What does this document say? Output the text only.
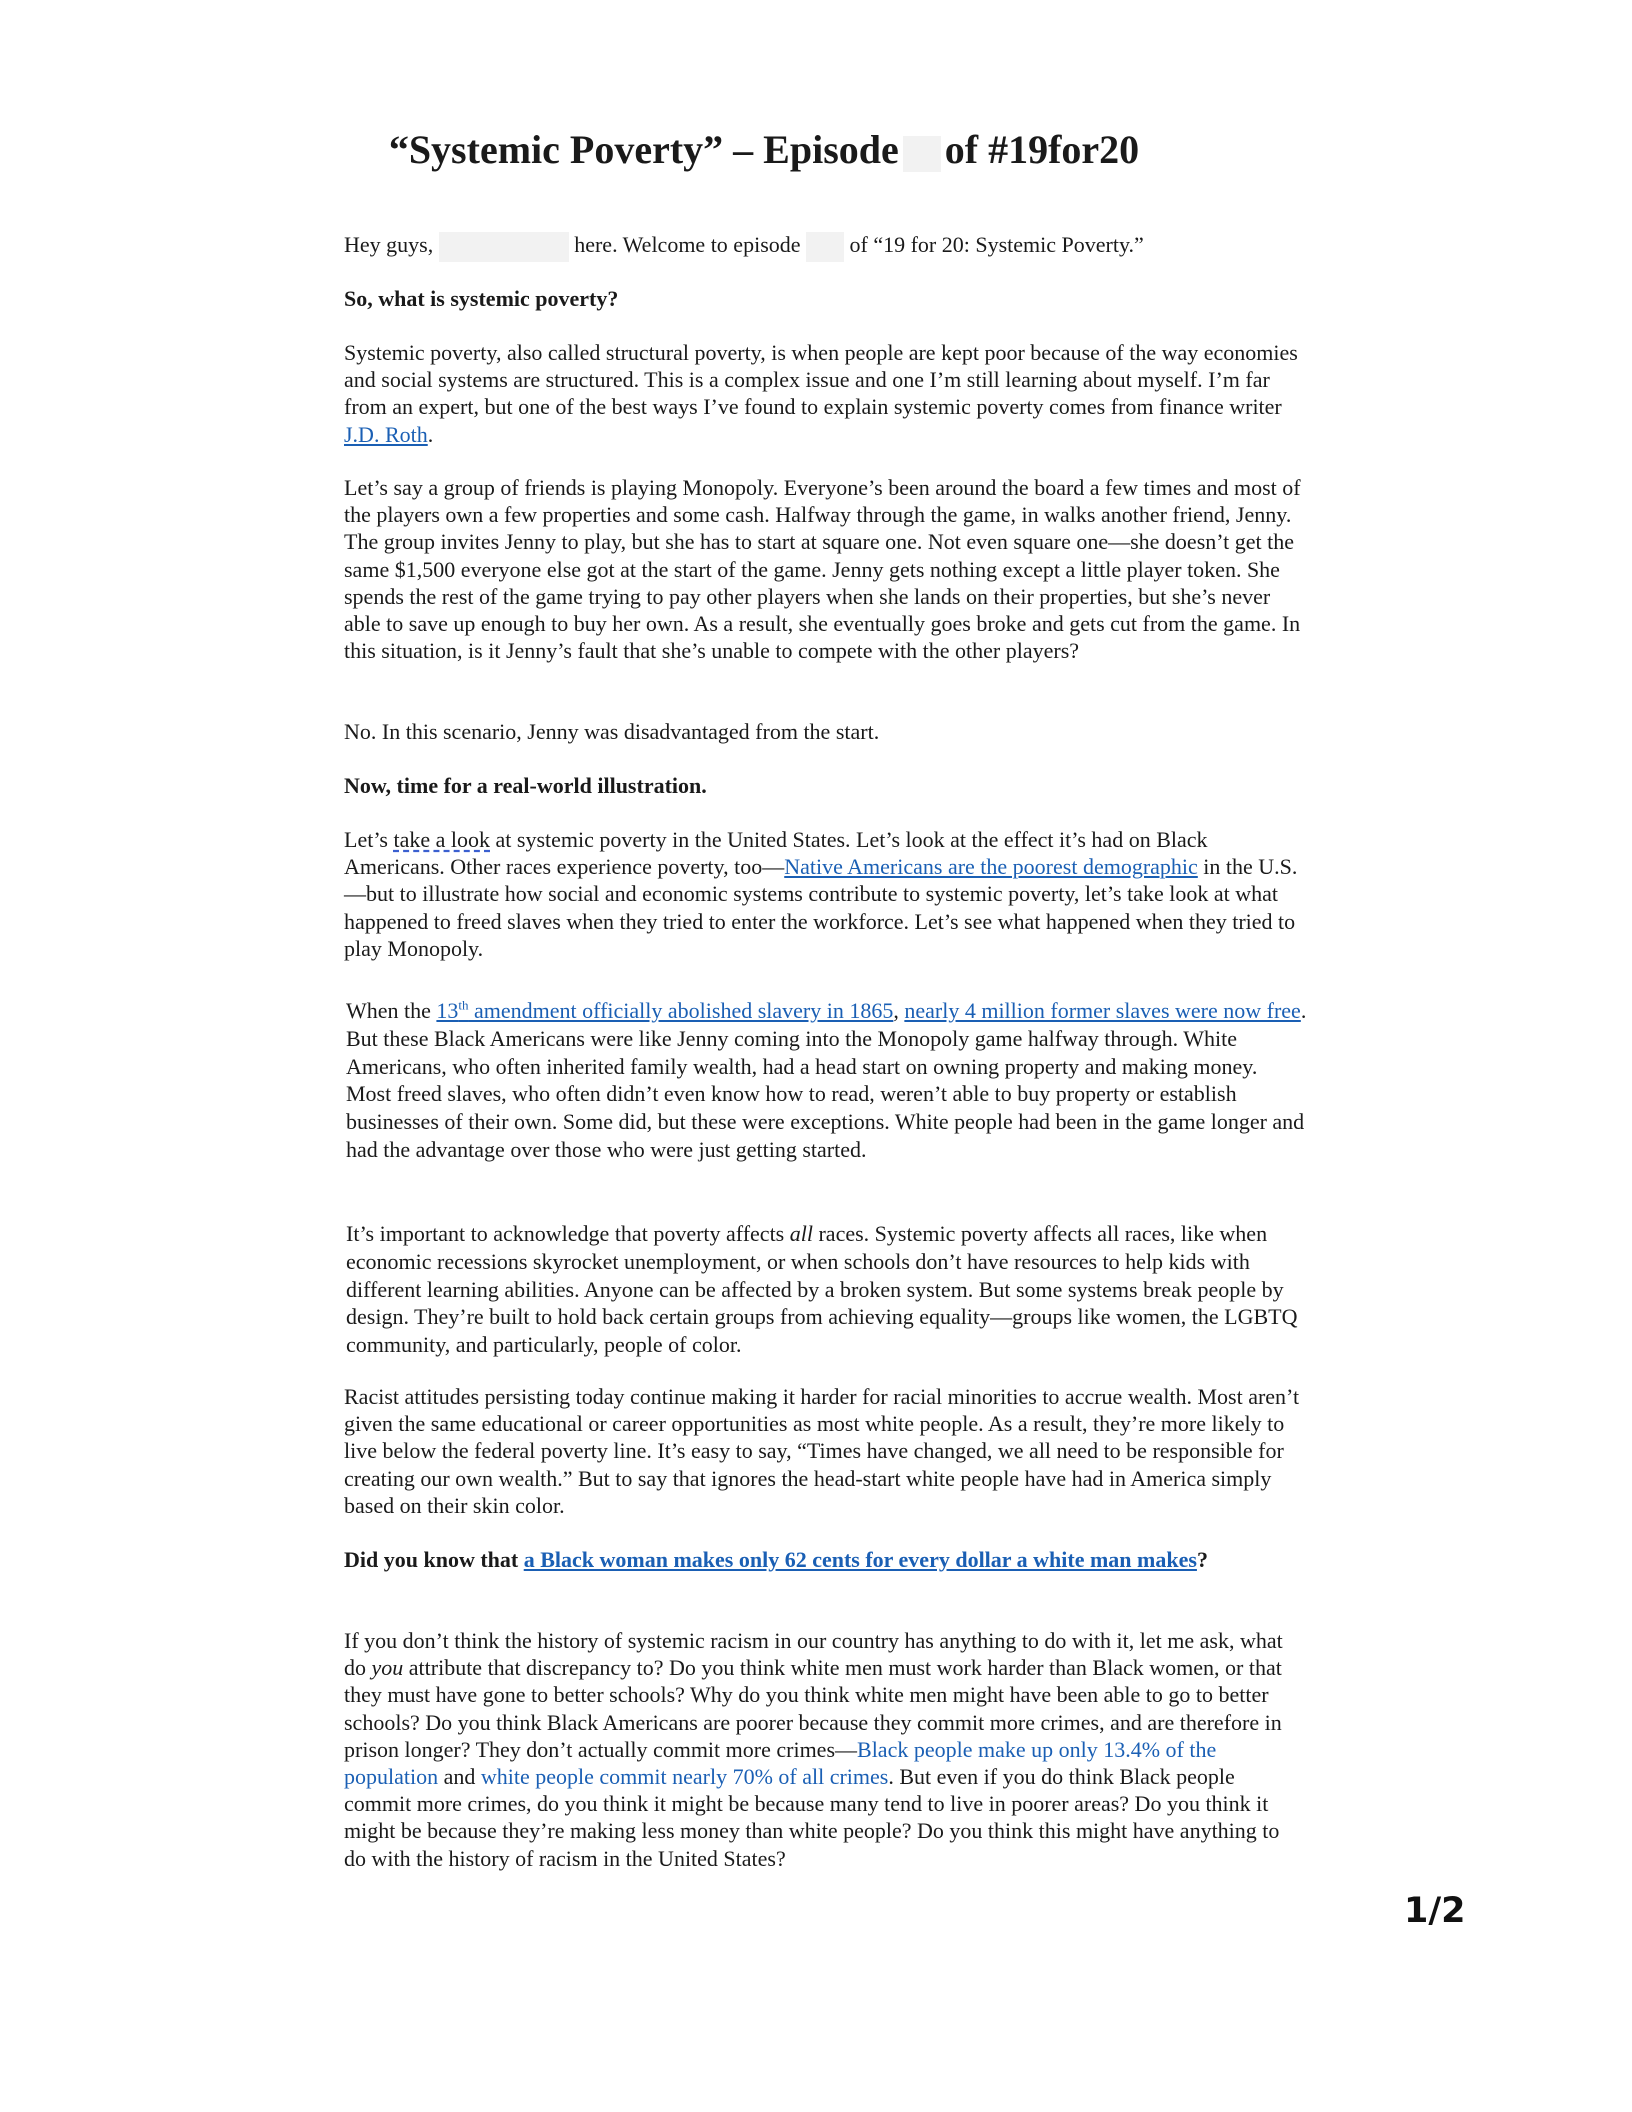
“Systemic Poverty” – Episode of #19for20

Hey guys,	here. Welcome to episode of “19 for 20: Systemic Poverty.”

So, what is systemic poverty?

Systemic poverty, also called structural poverty, is when people are kept poor because of the way economies and social systems are structured. This is a complex issue and one I’m still learning about myself. I’m far from an expert, but one of the best ways I’ve found to explain systemic poverty comes from finance writer J.D. Roth.

Let’s say a group of friends is playing Monopoly. Everyone’s been around the board a few times and most of the players own a few properties and some cash. Halfway through the game, in walks another friend, Jenny. The group invites Jenny to play, but she has to start at square one. Not even square one—she doesn’t get the same $1,500 everyone else got at the start of the game. Jenny gets nothing except a little player token. She spends the rest of the game trying to pay other players when she lands on their properties, but she’s never able to save up enough to buy her own. As a result, she eventually goes broke and gets cut from the game. In this situation, is it Jenny’s fault that she’s unable to compete with the other players?

No. In this scenario, Jenny was disadvantaged from the start.

Now, time for a real-world illustration.

Let’s take a look at systemic poverty in the United States. Let’s look at the effect it’s had on Black Americans. Other races experience poverty, too—Native Americans are the poorest demographic in the U.S.—but to illustrate how social and economic systems contribute to systemic poverty, let’s take look at what happened to freed slaves when they tried to enter the workforce. Let’s see what happened when they tried to play Monopoly.

When the 13th amendment officially abolished slavery in 1865, nearly 4 million former slaves were now free. But these Black Americans were like Jenny coming into the Monopoly game halfway through. White Americans, who often inherited family wealth, had a head start on owning property and making money. Most freed slaves, who often didn’t even know how to read, weren’t able to buy property or establish businesses of their own. Some did, but these were exceptions. White people had been in the game longer and had the advantage over those who were just getting started.

It’s important to acknowledge that poverty affects all races. Systemic poverty affects all races, like when economic recessions skyrocket unemployment, or when schools don’t have resources to help kids with different learning abilities. Anyone can be affected by a broken system. But some systems break people by design. They’re built to hold back certain groups from achieving equality—groups like women, the LGBTQ community, and particularly, people of color.

Racist attitudes persisting today continue making it harder for racial minorities to accrue wealth. Most aren’t given the same educational or career opportunities as most white people. As a result, they’re more likely to live below the federal poverty line. It’s easy to say, “Times have changed, we all need to be responsible for creating our own wealth.” But to say that ignores the head-start white people have had in America simply based on their skin color.

Did you know that a Black woman makes only 62 cents for every dollar a white man makes?

If you don’t think the history of systemic racism in our country has anything to do with it, let me ask, what do you attribute that discrepancy to? Do you think white men must work harder than Black women, or that they must have gone to better schools? Why do you think white men might have been able to go to better schools? Do you think Black Americans are poorer because they commit more crimes, and are therefore in prison longer? They don’t actually commit more crimes—Black people make up only 13.4% of the population and white people commit nearly 70% of all crimes. But even if you do think Black people commit more crimes, do you think it might be because many tend to live in poorer areas? Do you think it might be because they’re making less money than white people? Do you think this might have anything to do with the history of racism in the United States?

1/2
